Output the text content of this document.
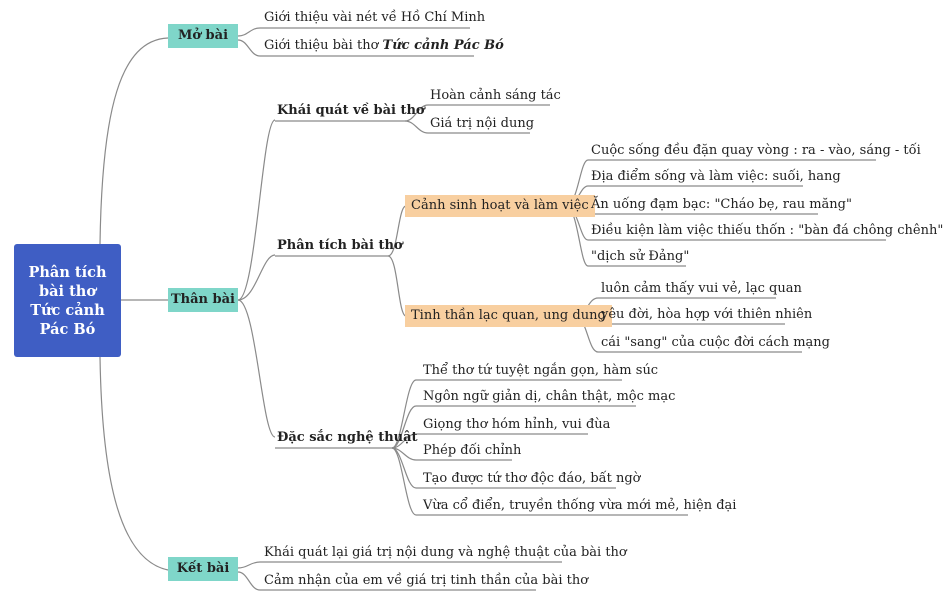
Phân tích
bài thơ
Tức cảnh
Pác Bó
Mở bài
Giới thiệu vài nét về Hồ Chí Minh
Giới thiệu bài thơ Tức cảnh Pác Bó
Thân bài
Khái quát về bài thơ
Hoàn cảnh sáng tác
Giá trị nội dung
Phân tích bài thơ
Cảnh sinh hoạt và làm việc
Cuộc sống đều đặn quay vòng : ra - vào, sáng - tối
Địa điểm sống và làm việc: suối, hang
Ăn uống đạm bạc: "Cháo bẹ, rau măng"
Điều kiện làm việc thiếu thốn : "bàn đá chông chênh"
"dịch sử Đảng"
Tinh thần lạc quan, ung dung
luôn cảm thấy vui vẻ, lạc quan
yêu đời, hòa hợp với thiên nhiên
cái "sang" của cuộc đời cách mạng
Đặc sắc nghệ thuật
Thể thơ tứ tuyệt ngắn gọn, hàm súc
Ngôn ngữ giản dị, chân thật, mộc mạc
Giọng thơ hóm hỉnh, vui đùa
Phép đối chỉnh
Tạo được tứ thơ độc đáo, bất ngờ
Vừa cổ điển, truyền thống vừa mới mẻ, hiện đại
Kết bài
Khái quát lại giá trị nội dung và nghệ thuật của bài thơ
Cảm nhận của em về giá trị tinh thần của bài thơ
